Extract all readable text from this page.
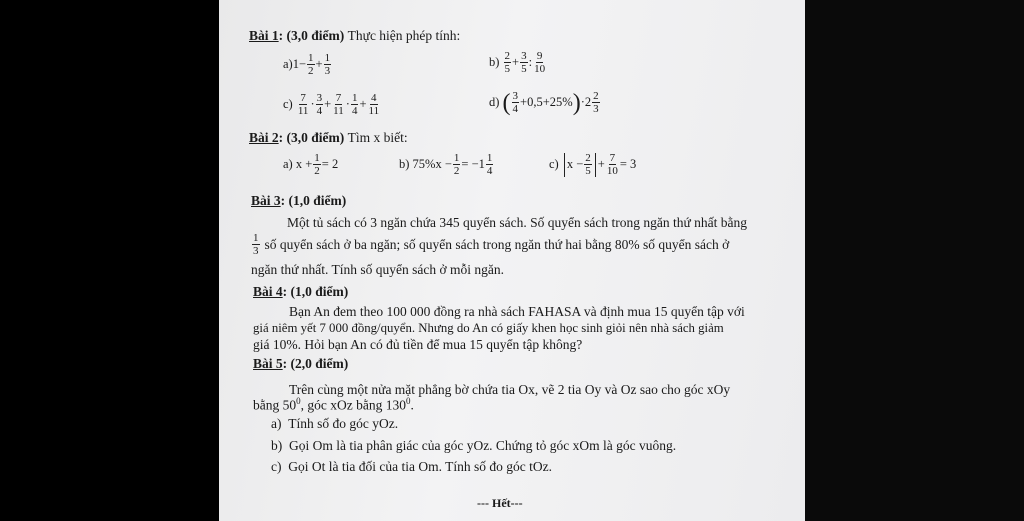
Bài 1: (3,0 điểm) Thực hiện phép tính:
a) $1 - \frac{1}{2} + \frac{1}{3}$	b)
$\frac{2}{5} + \frac{3}{5}$ : $\frac{9}{10}$
c)
$\frac{7}{11} \cdot \frac{3}{4} + \frac{7}{11} \cdot \frac{1}{4} + \frac{4}{11}$	d)
( $\frac{3}{4} +0,5+25\%$ ) · $2 \frac{2}{3}$
Bài 2: (3,0 điểm) Tìm x biết:
a)
$x + \frac{1}{2} = 2$	b)
$75\%x - \frac{1}{2} = -1 \frac{1}{4}$	c)
$x - \frac{2}{5} + \frac{7}{10} = 3$
Bài 3: (1,0 điểm)
Một tủ sách có 3 ngăn chứa 345 quyển sách. Số quyển sách trong ngăn thứ nhất bằng
$\frac{1}{3}$ số quyển sách ở ba ngăn; số quyển sách trong ngăn thứ hai bằng 80% số quyển sách ở
ngăn thứ nhất. Tính số quyển sách ở mỗi ngăn.
Bài 4: (1,0 điểm)
Bạn An đem theo 100 000 đồng ra nhà sách FAHASA và định mua 15 quyển tập với
giá niêm yết 7 000 đồng/quyển. Nhưng do An có giấy khen học sinh giỏi nên nhà sách giảm
giá 10%. Hỏi bạn An có đủ tiền để mua 15 quyển tập không?
Bài 5: (2,0 điểm)
Trên cùng một nửa mặt phẳng bờ chứa tia Ox, vẽ 2 tia Oy và Oz sao cho góc xOy
bằng $50^0$, góc xOz bằng $130^0$.
a) Tính số đo góc yOz.
b) Gọi Om là tia phân giác của góc yOz. Chứng tỏ góc xOm là góc vuông.
c) Gọi Ot là tia đối của tia Om. Tính số đo góc tOz.
--- Hết---
